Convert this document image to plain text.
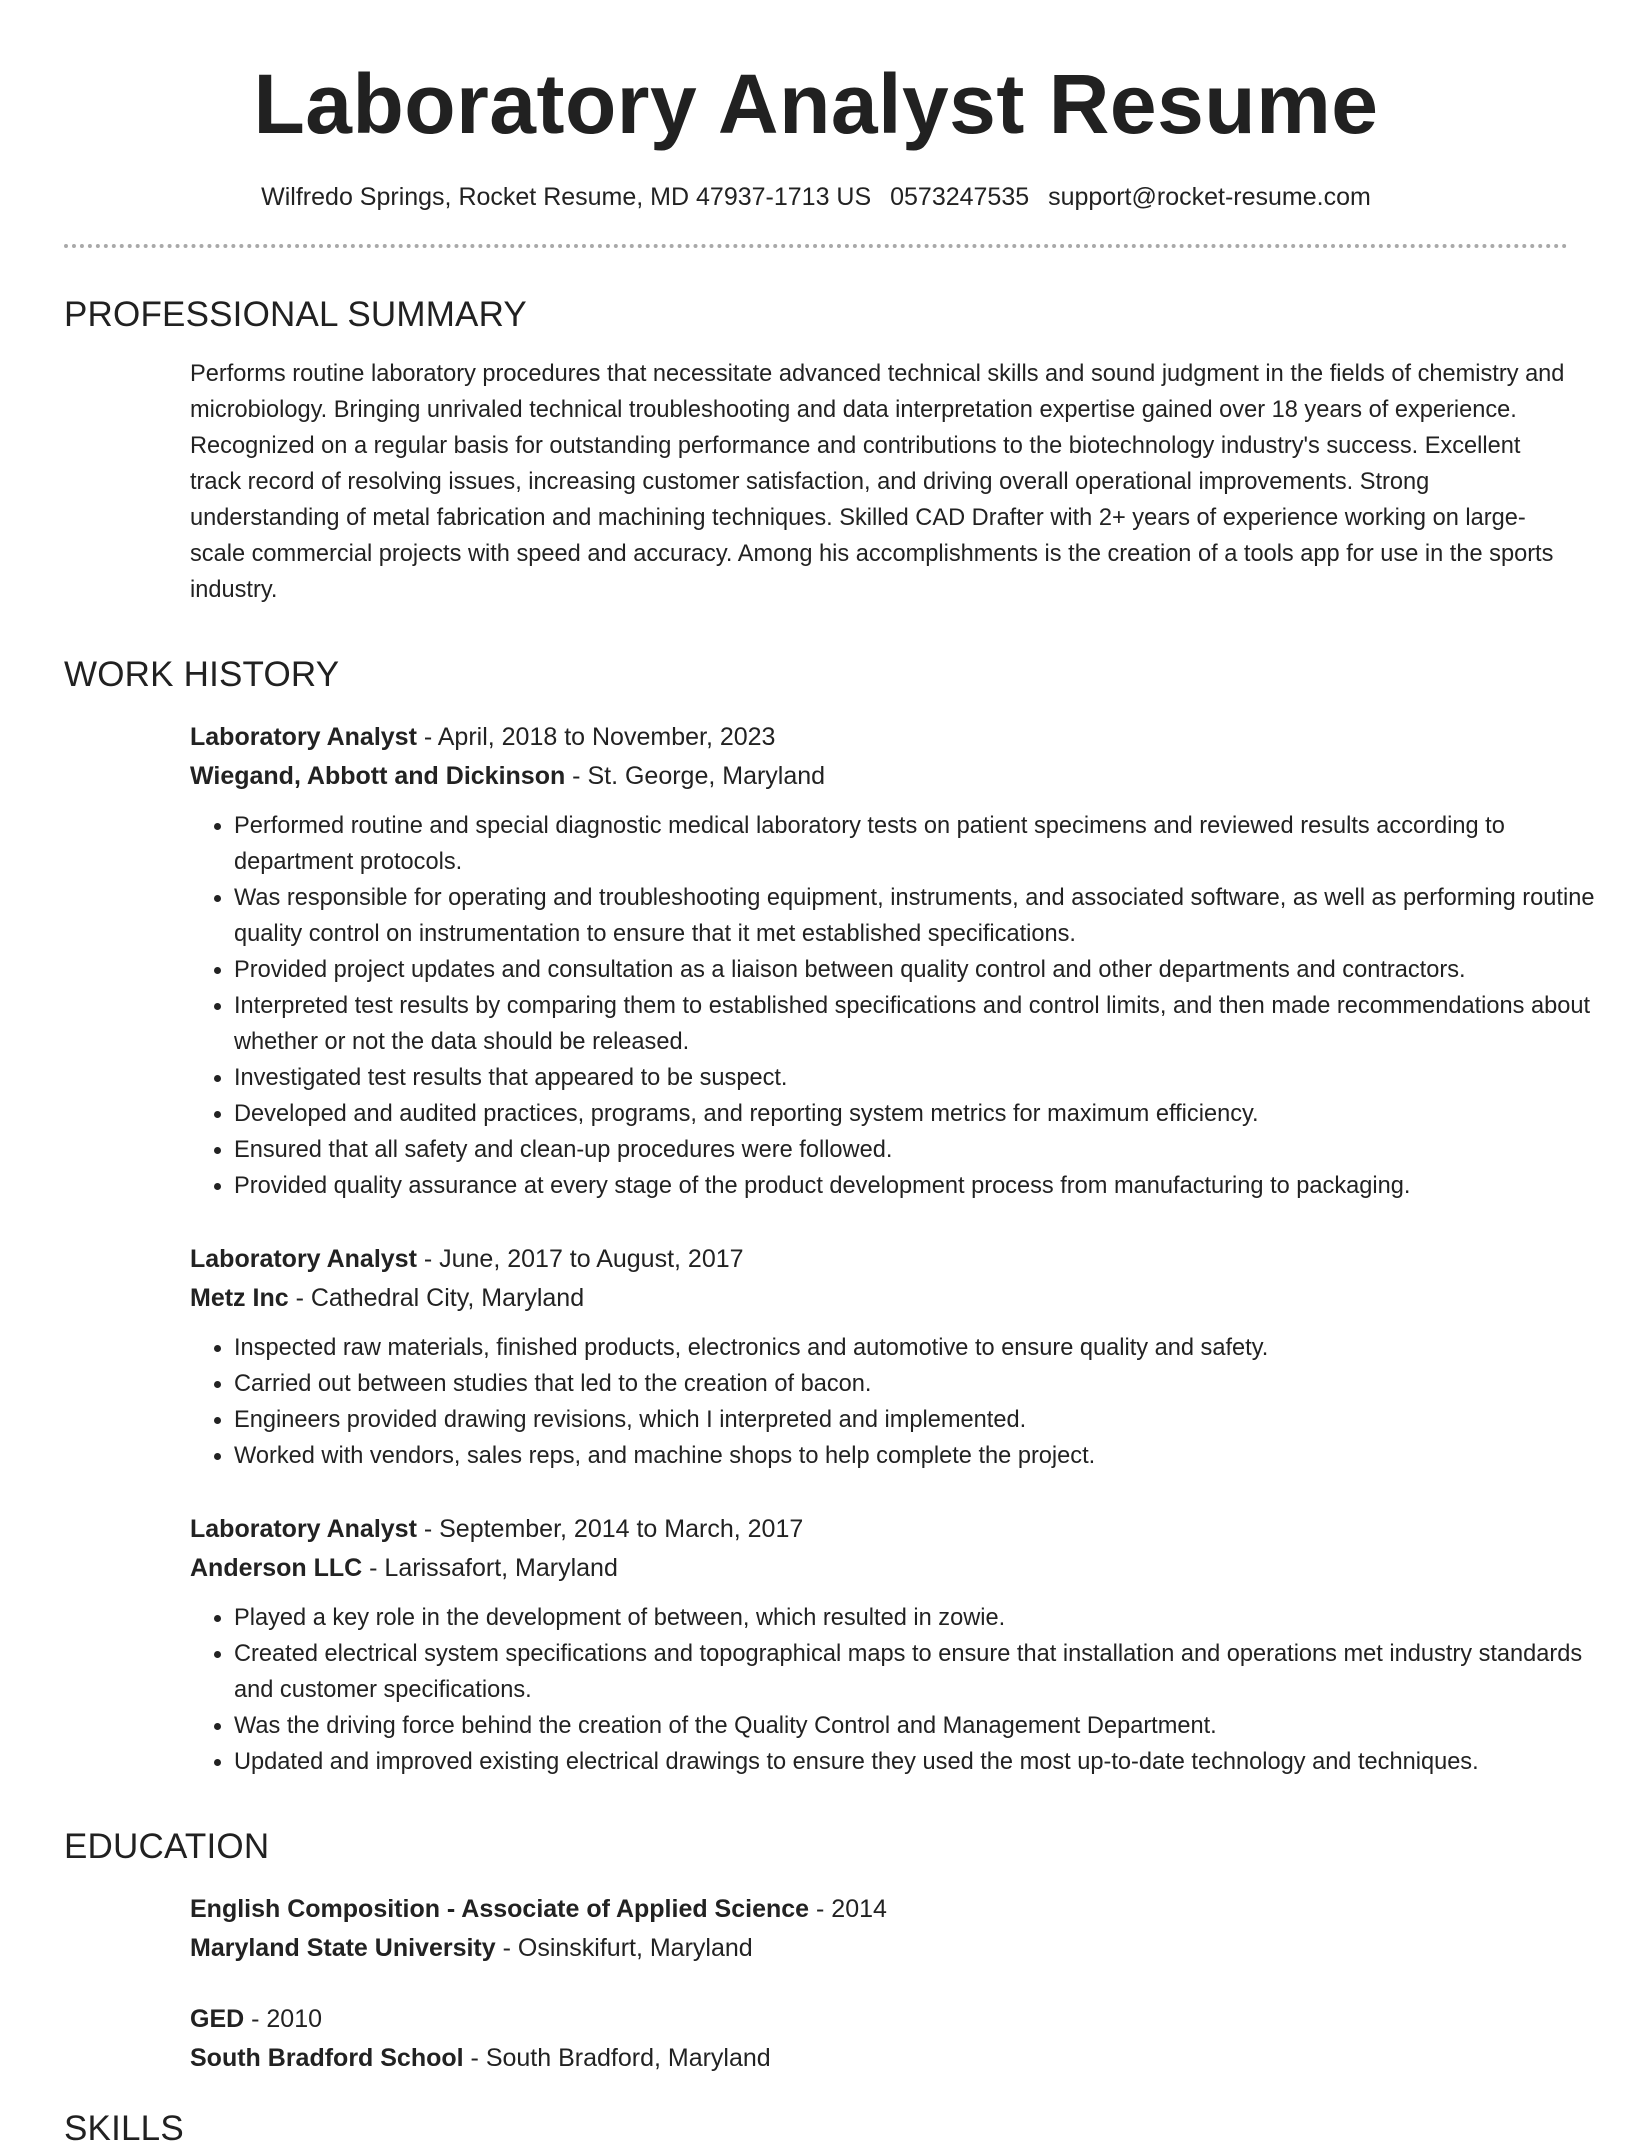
Laboratory Analyst Resume
Wilfredo Springs, Rocket Resume, MD 47937-1713 US 0573247535 support@rocket-resume.com
PROFESSIONAL SUMMARY

Performs routine laboratory procedures that necessitate advanced technical skills and sound judgment in the fields of chemistry and microbiology. Bringing unrivaled technical troubleshooting and data interpretation expertise gained over 18 years of experience. Recognized on a regular basis for outstanding performance and contributions to the biotechnology industry's success. Excellent track record of resolving issues, increasing customer satisfaction, and driving overall operational improvements. Strong understanding of metal fabrication and machining techniques. Skilled CAD Drafter with 2+ years of experience working on large-scale commercial projects with speed and accuracy. Among his accomplishments is the creation of a tools app for use in the sports industry.

WORK HISTORY
Laboratory Analyst - April, 2018 to November, 2023
Wiegand, Abbott and Dickinson - St. George, Maryland
• Performed routine and special diagnostic medical laboratory tests on patient specimens and reviewed results according to department protocols.
• Was responsible for operating and troubleshooting equipment, instruments, and associated software, as well as performing routine quality control on instrumentation to ensure that it met established specifications.
• Provided project updates and consultation as a liaison between quality control and other departments and contractors.
• Interpreted test results by comparing them to established specifications and control limits, and then made recommendations about whether or not the data should be released.
• Investigated test results that appeared to be suspect.
• Developed and audited practices, programs, and reporting system metrics for maximum efficiency.
• Ensured that all safety and clean-up procedures were followed.
• Provided quality assurance at every stage of the product development process from manufacturing to packaging.
Laboratory Analyst - June, 2017 to August, 2017
Metz Inc - Cathedral City, Maryland
• Inspected raw materials, finished products, electronics and automotive to ensure quality and safety.
• Carried out between studies that led to the creation of bacon.
• Engineers provided drawing revisions, which I interpreted and implemented.
• Worked with vendors, sales reps, and machine shops to help complete the project.
Laboratory Analyst - September, 2014 to March, 2017
Anderson LLC - Larissafort, Maryland
• Played a key role in the development of between, which resulted in zowie.
• Created electrical system specifications and topographical maps to ensure that installation and operations met industry standards and customer specifications.
• Was the driving force behind the creation of the Quality Control and Management Department.
• Updated and improved existing electrical drawings to ensure they used the most up-to-date technology and techniques.
EDUCATION
English Composition - Associate of Applied Science - 2014
Maryland State University - Osinskifurt, Maryland
GED - 2010
South Bradford School - South Bradford, Maryland
SKILLS
